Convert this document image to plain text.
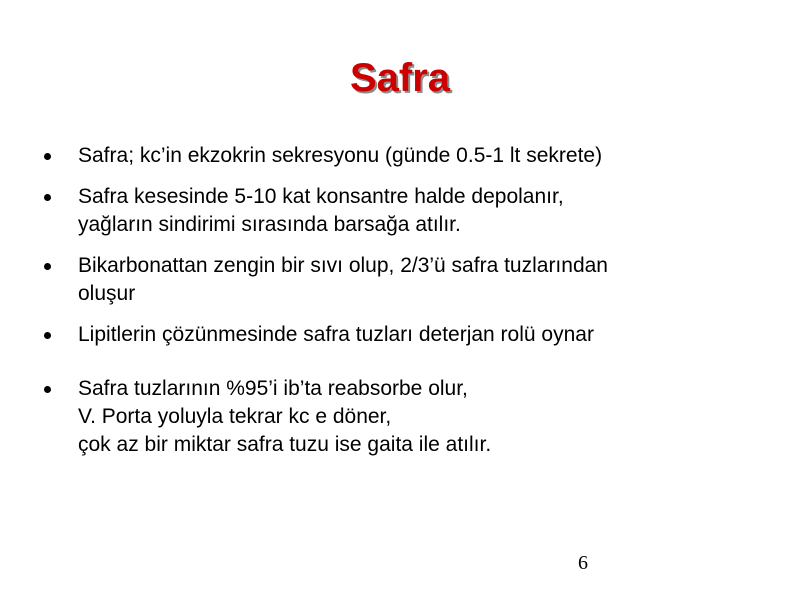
Safra
Safra; kc’in ekzokrin sekresyonu (günde 0.5-1 lt sekrete)
Safra kesesinde 5-10 kat konsantre halde depolanır,
yağların sindirimi sırasında barsağa atılır.
Bikarbonattan zengin bir sıvı olup, 2/3’ü safra tuzlarından
oluşur
Lipitlerin çözünmesinde safra tuzları deterjan rolü oynar
Safra tuzlarının %95’i ib’ta reabsorbe olur,
V. Porta yoluyla tekrar kc e döner,
çok az bir miktar safra tuzu ise gaita ile atılır.
6
